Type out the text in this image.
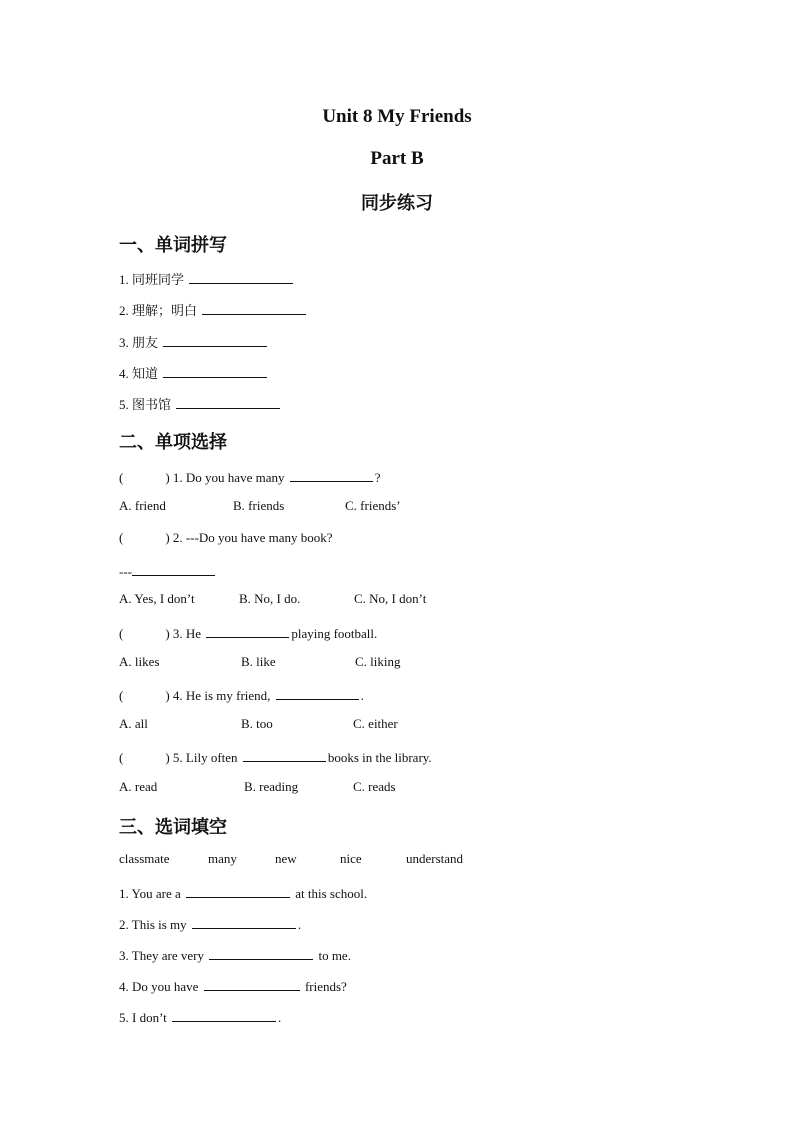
Unit 8 My Friends
Part B
同步练习
一、单词拼写
1. 同班同学
2. 理解；明白
3. 朋友
4. 知道
5. 图书馆
二、单项选择
(	) 1. Do you have many	?
A. friend	B. friends	C. friends’
(	) 2. ---Do you have many book?
---
A. Yes, I don’t	B. No, I do.	C. No, I don’t
(	) 3. He	playing football.
A. likes	B. like	C. liking
(	) 4. He is my friend,	.
A. all	B. too	C. either
(	) 5. Lily often	books in the library.
A. read	B. reading	C. reads
三、选词填空
classmate	many	new	nice	understand
1. You are a	at this school.
2. This is my	.
3. They are very	to me.
4. Do you have	friends?
5. I don’t	.
